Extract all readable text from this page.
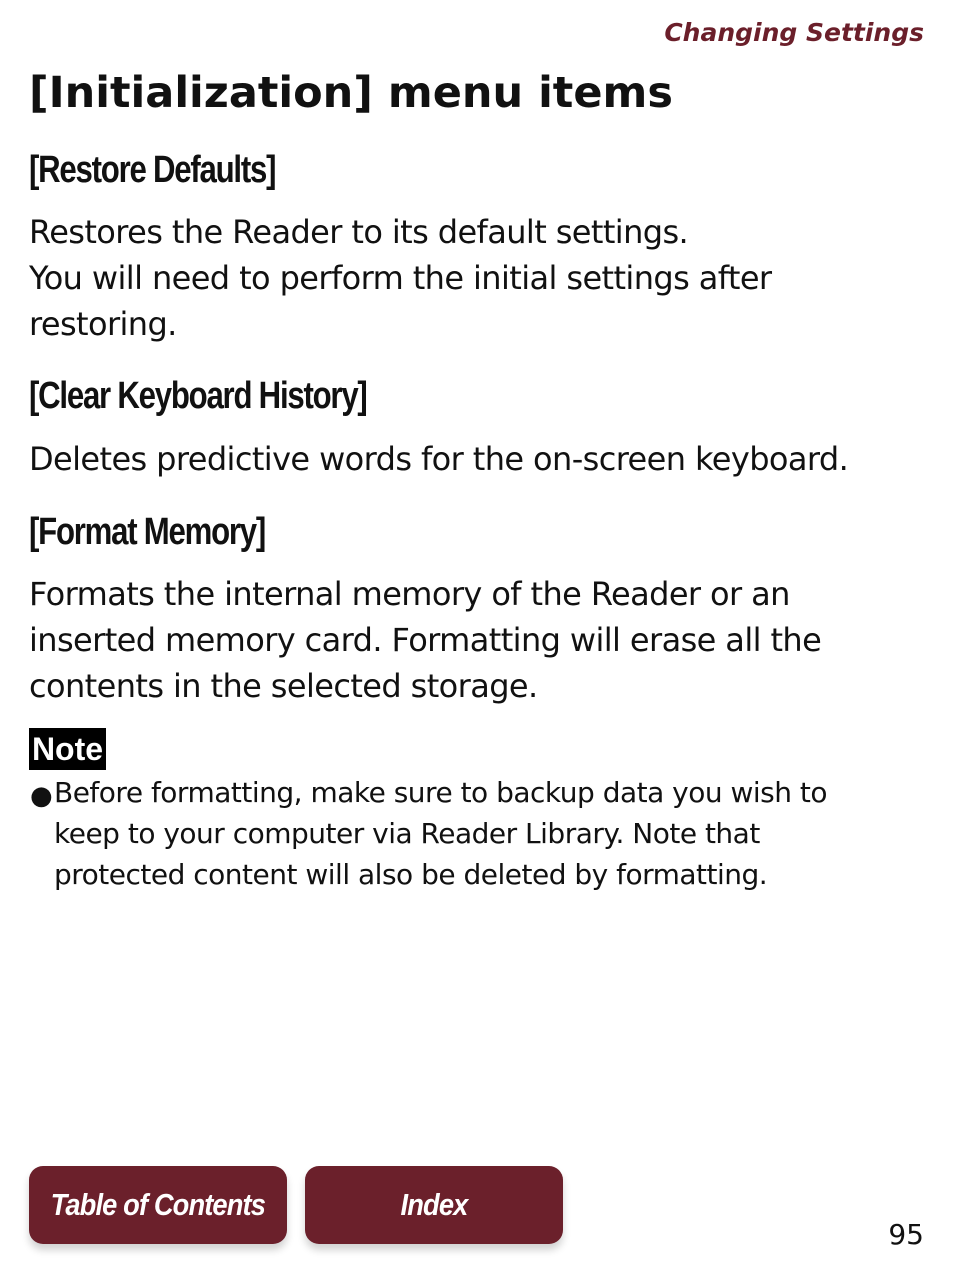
Changing Settings
[Initialization] menu items
[Restore Defaults]

Restores the Reader to its default settings.
You will need to perform the initial settings after
restoring.

[Clear Keyboard History]

Deletes predictive words for the on-screen keyboard.

[Format Memory]

Formats the internal memory of the Reader or an
inserted memory card. Formatting will erase all the
contents in the selected storage.

Note
● Before formatting, make sure to backup data you wish to
keep to your computer via Reader Library. Note that
protected content will also be deleted by formatting.

Table of Contents	Index
95
